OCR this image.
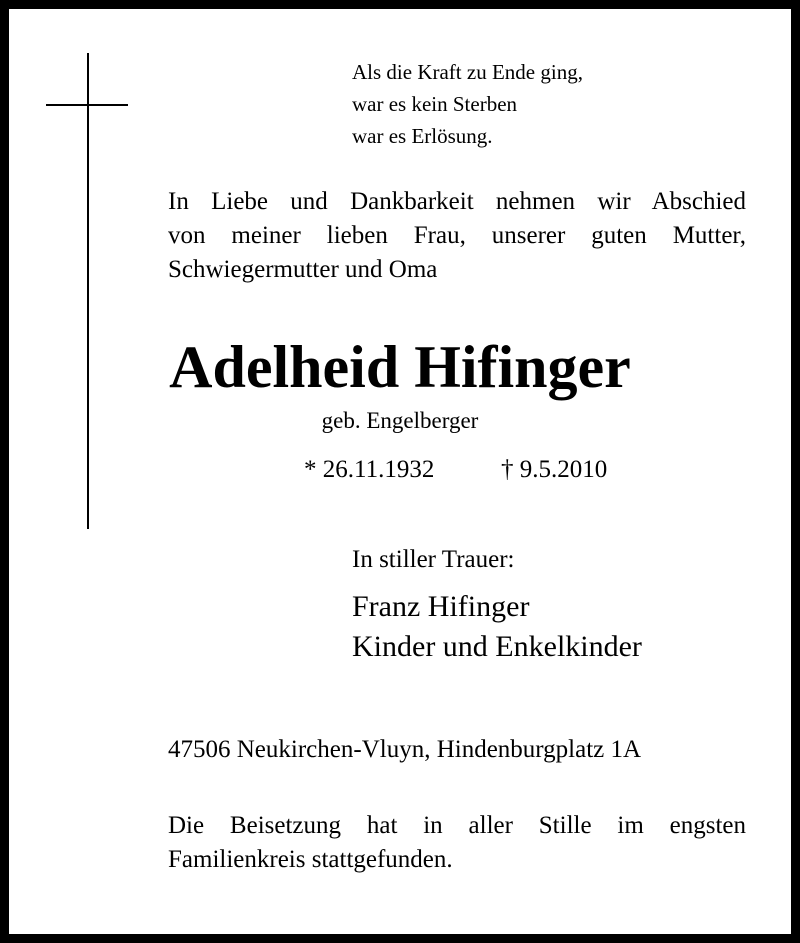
Als die Kraft zu Ende ging,
war es kein Sterben
war es Erlösung.
In Liebe und Dankbarkeit nehmen wir Abschied
von meiner lieben Frau, unserer guten Mutter,
Schwiegermutter und Oma
Adelheid Hifinger
geb. Engelberger
* 26.11.1932	† 9.5.2010
In stiller Trauer:
Franz Hifinger
Kinder und Enkelkinder
47506 Neukirchen-Vluyn, Hindenburgplatz 1A
Die Beisetzung hat in aller Stille im engsten
Familienkreis stattgefunden.
